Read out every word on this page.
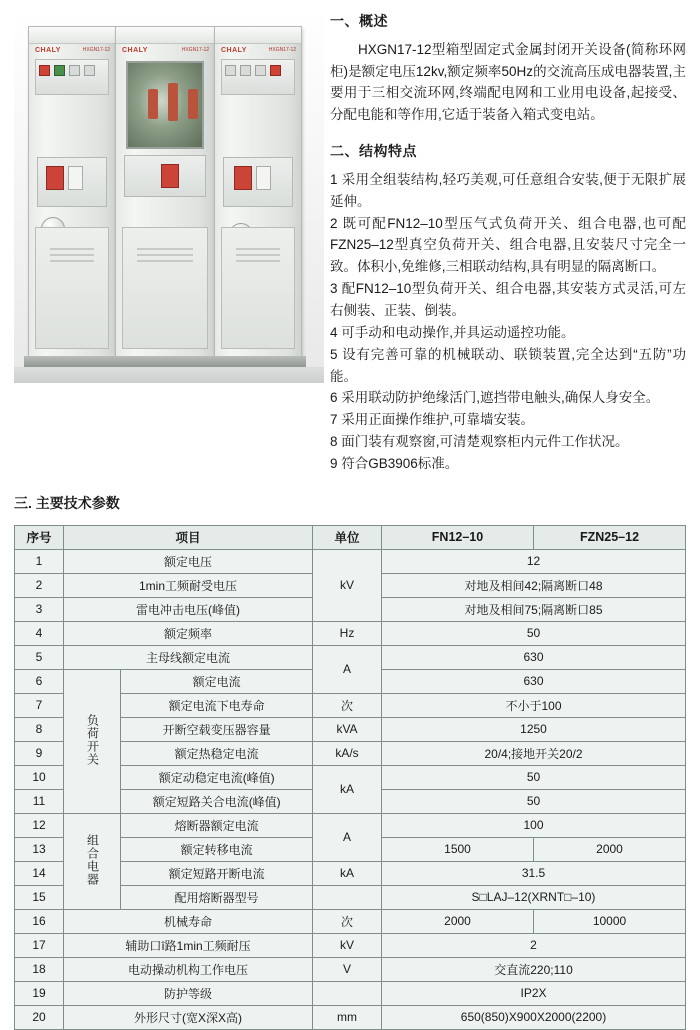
CHALY	HXGN17-12 CHALY	HXGN17-12 CHALY	HXGN17-12
一、概述
HXGN17-12型箱型固定式金属封闭开关设备(简称环网柜)是额定电压12kv,额定频率50Hz的交流高压成电器装置,主要用于三相交流环网,终端配电网和工业用电设备,起接受、分配电能和等作用,它适于装备入箱式变电站。
二、结构特点
1 采用全组装结构,轻巧美观,可任意组合安装,便于无限扩展延伸。
2 既可配FN12–10型压气式负荷开关、组合电器,也可配FZN25–12型真空负荷开关、组合电器,且安装尺寸完全一致。体积小,免维修,三相联动结构,具有明显的隔离断口。
3 配FN12–10型负荷开关、组合电器,其安装方式灵活,可左右侧装、正装、倒装。
4 可手动和电动操作,并具运动遥控功能。
5 设有完善可靠的机械联动、联锁装置,完全达到“五防”功能。
6 采用联动防护绝缘活门,遮挡带电触头,确保人身安全。
7 采用正面操作维护,可靠墙安装。
8 面门装有观察窗,可清楚观察柜内元件工作状况。
9 符合GB3906标准。
三. 主要技术参数
序号	项目		单位	FN12–10	FZN25–12
1	额定电压		kV	12	
2	1min工频耐受电压			对地及相间42;隔离断口48	
3	雷电冲击电压(峰值)			对地及相间75;隔离断口85	
4	额定频率		Hz	50	
5	主母线额定电流		A	630	
6	负荷开关	额定电流		630	
7		额定电流下电寿命	次	不小于100	
8		开断空载变压器容量	kVA	1250	
9		额定热稳定电流	kA/s	20/4;接地开关20/2	
10		额定动稳定电流(峰值)	kA	50	
11		额定短路关合电流(峰值)		50	
12	组合电器	熔断器额定电流	A	100	
13		额定转移电流		1500	2000
14		额定短路开断电流	kA	31.5	
15		配用熔断器型号		S□LAJ–12(XRNT□–10)	
16	机械寿命		次	2000	10000
17	辅助口î路1min工频耐压		kV	2	
18	电动操动机构工作电压		V	交直流220;110	
19	防护等级			IP2X	
20	外形尺寸(宽X深X高)		mm	650(850)X900X2000(2200)	
